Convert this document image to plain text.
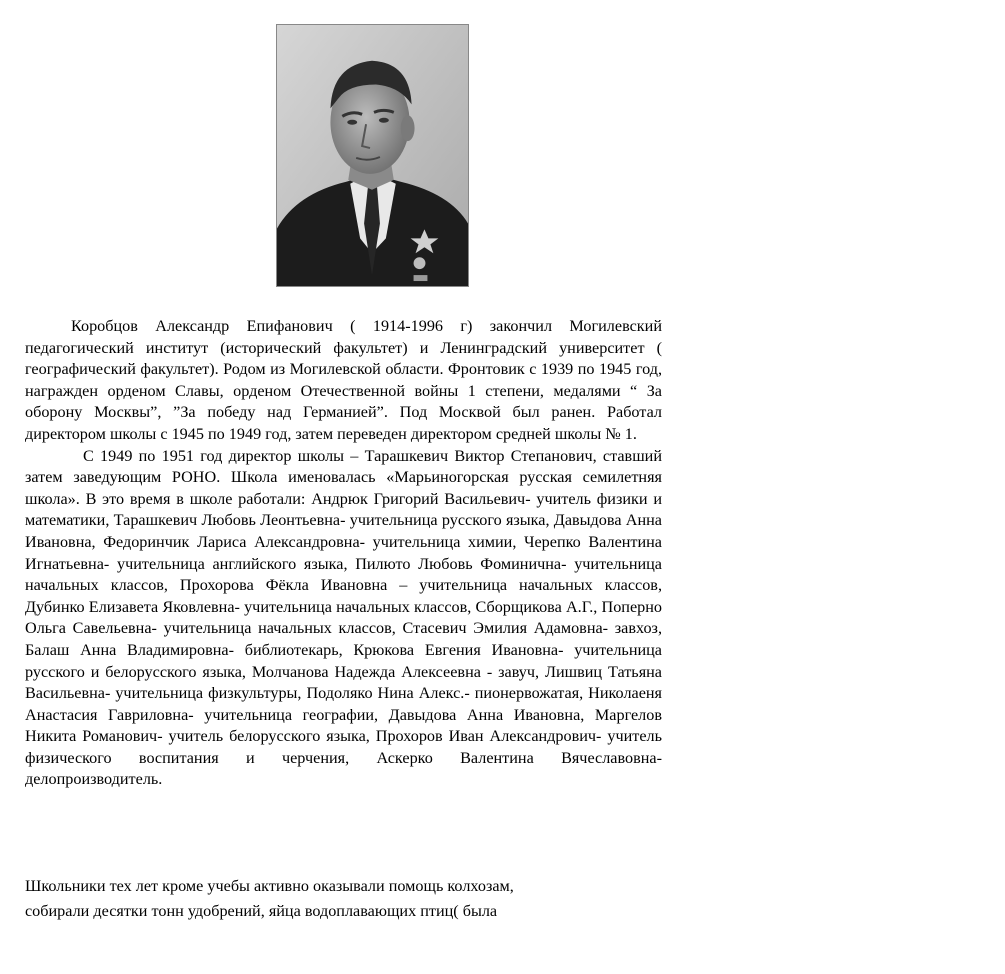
Коробцов Александр Епифанович ( 1914-1996 г) закончил Могилевский педагогический институт (исторический факультет) и Ленинградский университет ( географический факультет). Родом из Могилевской области. Фронтовик с 1939 по 1945 год, награжден орденом Славы, орденом Отечественной войны 1 степени, медалями “ За оборону Москвы”, ”За победу над Германией”. Под Москвой был ранен. Работал директором школы с 1945 по 1949 год, затем переведен директором средней школы № 1.

С 1949 по 1951 год директор школы – Тарашкевич Виктор Степанович, ставший затем заведующим РОНО. Школа именовалась «Марьиногорская русская семилетняя школа». В это время в школе работали: Андрюк Григорий Васильевич- учитель физики и математики, Тарашкевич Любовь Леонтьевна- учительница русского языка, Давыдова Анна Ивановна, Федоринчик Лариса Александровна- учительница химии, Черепко Валентина Игнатьевна- учительница английского языка, Пилюто Любовь Фоминична- учительница начальных классов, Прохорова Фёкла Ивановна – учительница начальных классов, Дубинко Елизавета Яковлевна- учительница начальных классов, Сборщикова А.Г., Поперно Ольга Савельевна- учительница начальных классов, Стасевич Эмилия Адамовна- завхоз, Балаш Анна Владимировна- библиотекарь, Крюкова Евгения Ивановна- учительница русского и белорусского языка, Молчанова Надежда Алексеевна - завуч, Лишвиц Татьяна Васильевна- учительница физкультуры, Подоляко Нина Алекс.- пионервожатая, Николаеня Анастасия Гавриловна- учительница географии, Давыдова Анна Ивановна, Маргелов Никита Романович- учитель белорусского языка, Прохоров Иван Александрович- учитель физического воспитания и черчения, Аскерко Валентина Вячеславовна- делопроизводитель.

Школьники тех лет кроме учебы активно оказывали помощь колхозам,

собирали десятки тонн удобрений, яйца водоплавающих птиц( была
